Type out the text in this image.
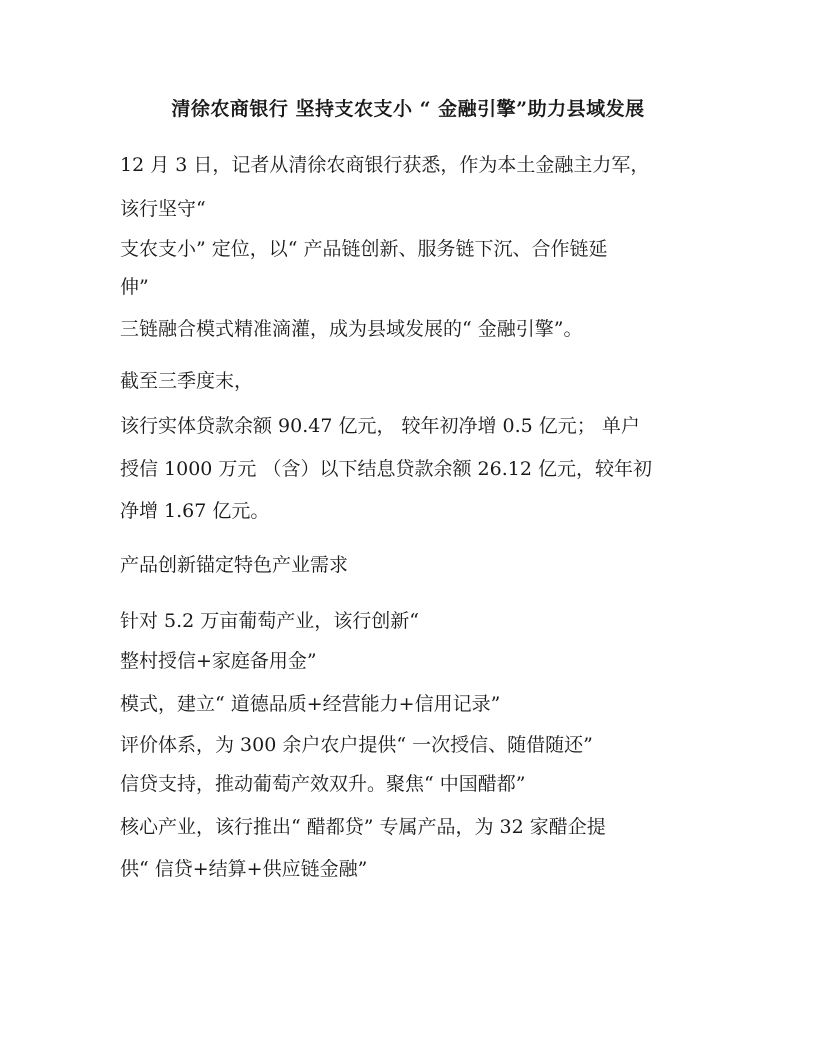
清徐农商银行 坚持支农支小 “ 金融引擎”助力县域发展
12 月 3 日，记者从清徐农商银行获悉，作为本土金融主力军，
该行坚守“
支农支小” 定位，以“ 产品链创新、服务链下沉、合作链延
伸”
三链融合模式精准滴灌，成为县域发展的“ 金融引擎”。
截至三季度末，
该行实体贷款余额 90.47 亿元， 较年初净增 0.5 亿元； 单户
授信 1000 万元 （含）以下结息贷款余额 26.12 亿元，较年初
净增 1.67 亿元。
产品创新锚定特色产业需求
针对 5.2 万亩葡萄产业，该行创新“
整村授信+家庭备用金”
模式，建立“ 道德品质+经营能力+信用记录”
评价体系，为 300 余户农户提供“ 一次授信、随借随还”
信贷支持，推动葡萄产效双升。聚焦“ 中国醋都”
核心产业，该行推出“ 醋都贷” 专属产品，为 32 家醋企提
供“ 信贷+结算+供应链金融”
